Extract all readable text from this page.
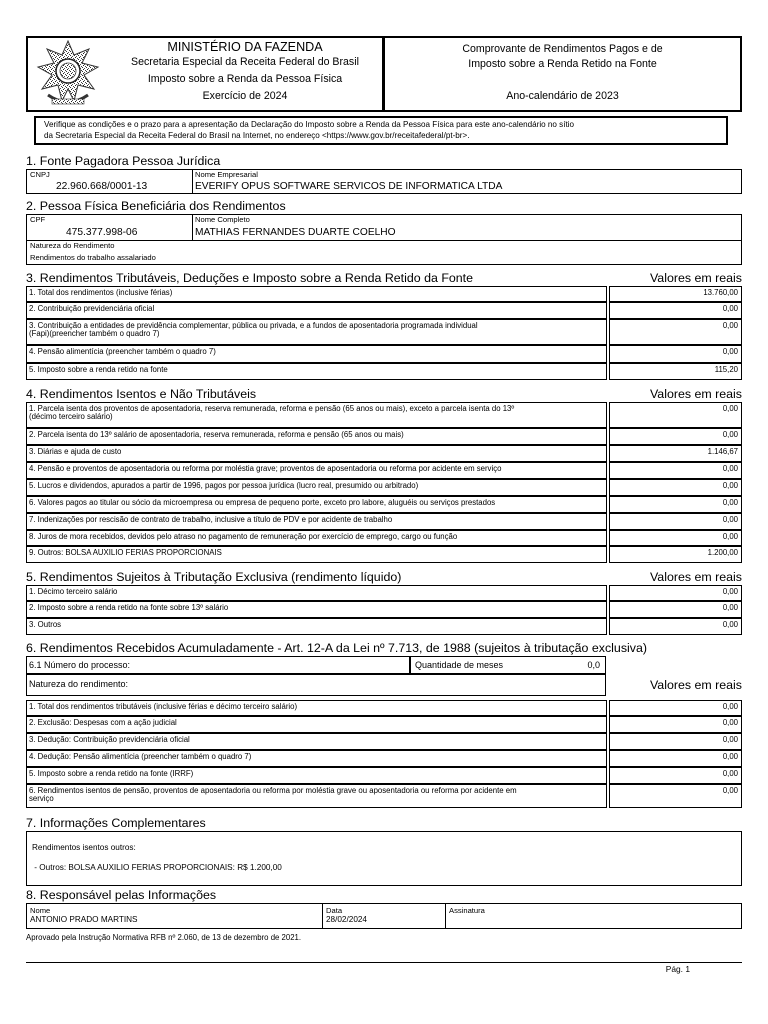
MINISTÉRIO DA FAZENDA
Secretaria Especial da Receita Federal do Brasil
Imposto sobre a Renda da Pessoa Física
Exercício de 2024
Comprovante de Rendimentos Pagos e de
Imposto sobre a Renda Retido na Fonte
Ano-calendário de 2023
Verifique as condições e o prazo para a apresentação da Declaração do Imposto sobre a Renda da Pessoa Física para este ano-calendário no sítio
da Secretaria Especial da Receita Federal do Brasil na Internet, no endereço <https://www.gov.br/receitafederal/pt-br>.
1. Fonte Pagadora Pessoa Jurídica
CNPJ
22.960.668/0001-13
Nome Empresarial
EVERIFY OPUS SOFTWARE SERVICOS DE INFORMATICA LTDA
2. Pessoa Física Beneficiária dos Rendimentos
CPF
475.377.998-06
Nome Completo
MATHIAS FERNANDES DUARTE COELHO
Natureza do Rendimento
Rendimentos do trabalho assalariado
3. Rendimentos Tributáveis, Deduções e Imposto sobre a Renda Retido da Fonte	Valores em reais
1. Total dos rendimentos (inclusive férias)	13.760,00
2. Contribuição previdenciária oficial	0,00
3. Contribuição a entidades de previdência complementar, pública ou privada, e a fundos de aposentadoria programada individual
(Fapi)(preencher também o quadro 7)
0,00
4. Pensão alimentícia (preencher também o quadro 7)	0,00
5. Imposto sobre a renda retido na fonte	115,20
4. Rendimentos Isentos e Não Tributáveis	Valores em reais
1. Parcela isenta dos proventos de aposentadoria, reserva remunerada, reforma e pensão (65 anos ou mais), exceto a parcela isenta do 13º
(décimo terceiro salário)
0,00
2. Parcela isenta do 13º salário de aposentadoria, reserva remunerada, reforma e pensão (65 anos ou mais)	0,00
3. Diárias e ajuda de custo	1.146,67
4. Pensão e proventos de aposentadoria ou reforma por moléstia grave; proventos de aposentadoria ou reforma por acidente em serviço	0,00
5. Lucros e dividendos, apurados a partir de 1996, pagos por pessoa jurídica (lucro real, presumido ou arbitrado)	0,00
6. Valores pagos ao titular ou sócio da microempresa ou empresa de pequeno porte, exceto pro labore, aluguéis ou serviços prestados	0,00
7. Indenizações por rescisão de contrato de trabalho, inclusive a título de PDV e por acidente de trabalho	0,00
8. Juros de mora recebidos, devidos pelo atraso no pagamento de remuneração por exercício de emprego, cargo ou função	0,00
9. Outros: BOLSA AUXILIO FERIAS PROPORCIONAIS	1.200,00
5. Rendimentos Sujeitos à Tributação Exclusiva (rendimento líquido)	Valores em reais
1. Décimo terceiro salário	0,00
2. Imposto sobre a renda retido na fonte sobre 13º salário	0,00
3. Outros	0,00
6. Rendimentos Recebidos Acumuladamente - Art. 12-A da Lei nº 7.713, de 1988 (sujeitos à tributação exclusiva)
6.1 Número do processo:	Quantidade de meses	0,0
Natureza do rendimento:	Valores em reais
1. Total dos rendimentos tributáveis (inclusive férias e décimo terceiro salário)	0,00
2. Exclusão: Despesas com a ação judicial	0,00
3. Dedução: Contribuição previdenciária oficial	0,00
4. Dedução: Pensão alimentícia (preencher também o quadro 7)	0,00
5. Imposto sobre a renda retido na fonte (IRRF)	0,00
6. Rendimentos isentos de pensão, proventos de aposentadoria ou reforma por moléstia grave ou aposentadoria ou reforma por acidente em
serviço
0,00
7. Informações Complementares
Rendimentos isentos outros:
- Outros: BOLSA AUXILIO FERIAS PROPORCIONAIS: R$ 1.200,00
8. Responsável pelas Informações
Nome
ANTONIO PRADO MARTINS
Data
28/02/2024
Assinatura
Aprovado pela Instrução Normativa RFB nº 2.060, de 13 de dezembro de 2021.
Pág. 1
